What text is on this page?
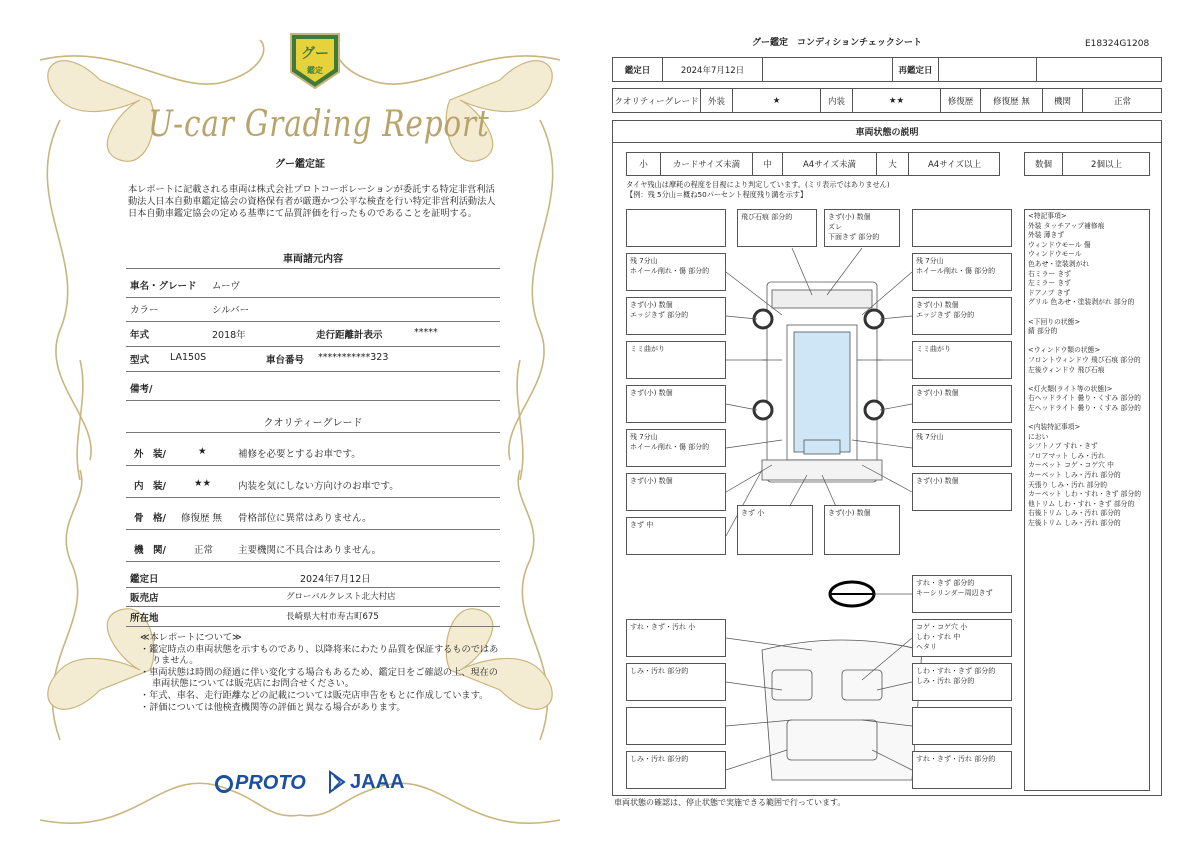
グー
鑑定
U-car Grading Report
グー鑑定証
本レポートに記載される車両は株式会社プロトコーポレーションが委託する特定非営利活動法人日本自動車鑑定協会の資格保有者が厳選かつ公平な検査を行い特定非営利活動法人日本自動車鑑定協会の定める基準にて品質評価を行ったものであることを証明する。
車両諸元内容
車名・グレード ムーヴ
カラー	シルバー
年式	2018年	走行距離計表示	*****
型式 LA150S	車台番号 ***********323
備考/
クオリティーグレード
外　装/	★	補修を必要とするお車です。
内　装/	★★	内装を気にしない方向けのお車です。
骨　格/ 修復歴 無 骨格部位に異常はありません。
機　関/	正常	主要機関に不具合はありません。
鑑定日	2024年7月12日
販売店	グローバルクレスト北大村店
所在地	長崎県大村市寿古町675
≪本レポートについて≫
・鑑定時点の車両状態を示すものであり、以降将来にわたり品質を保証するものではありません。
・車両状態は時間の経過に伴い変化する場合もあるため、鑑定日をご確認の上、現在の車両状態については販売店にお問合せください。
・年式、車名、走行距離などの記載については販売店申告をもとに作成しています。
・評価については他検査機関等の評価と異なる場合があります。
PROTO JAAA
グー鑑定　コンディションチェックシート	E18324G1208
鑑定日	2024年7月12日	再鑑定日
クオリティーグレード	外装	★	内装	★★	修復歴	修復歴 無	機関	正常
車両状態の説明
小	カードサイズ未満	中	A4サイズ未満	大	A4サイズ以上	数個	2個以上
タイヤ残山は摩耗の程度を目視により判定しています。(ミリ表示ではありません)
【例：残 5分山＝概ね50パーセント程度残り溝を示す】
飛び石痕 部分的	きず(小) 数個
ズレ
下面きず 部分的
残 7分山
ホイール削れ・傷 部分的
残 7分山
ホイール削れ・傷 部分的
きず(小) 数個
エッジきず 部分的
きず(小) 数個
エッジきず 部分的
ミミ曲がり	ミミ曲がり
きず(小) 数個	きず(小) 数個
残 7分山
ホイール削れ・傷 部分的
残 7分山
きず(小) 数個	きず(小) 数個
きず 中
きず 小	きず(小) 数個
すれ・きず 部分的
キーシリンダー周辺きず
すれ・きず・汚れ 小	コゲ・コゲ穴 小
しわ・すれ 中
ヘタリ
しみ・汚れ 部分的	しわ・すれ・きず 部分的
しみ・汚れ 部分的
しみ・汚れ 部分的	すれ・きず・汚れ 部分的
<特記事項>
外装 タッチアップ補修痕
外装 薄きず
ウィンドウモール 傷
ウィンドウモール
色あせ・塗装剥がれ
右ミラー きず
左ミラー きず
ドアノブ きず
グリル 色あせ・塗装剥がれ 部分的

<下回りの状態>
錆 部分的

<ウィンドウ類の状態>
フロントウィンドウ 飛び石痕 部分的
左後ウィンドウ 飛び石痕

<灯火類(ライト等の状態)>
右ヘッドライト 曇り・くすみ 部分的
左ヘッドライト 曇り・くすみ 部分的

<内装特記事項>
におい
シフトノブ すれ・きず
フロアマット しみ・汚れ
カーペット コゲ・コゲ穴 中
カーペット しみ・汚れ 部分的
天張り しみ・汚れ 部分的
カーペット しわ・すれ・きず 部分的
他トリム しわ・すれ・きず 部分的
右後トリム しみ・汚れ 部分的
左後トリム しみ・汚れ 部分的
車両状態の確認は、停止状態で実施できる範囲で行っています。
